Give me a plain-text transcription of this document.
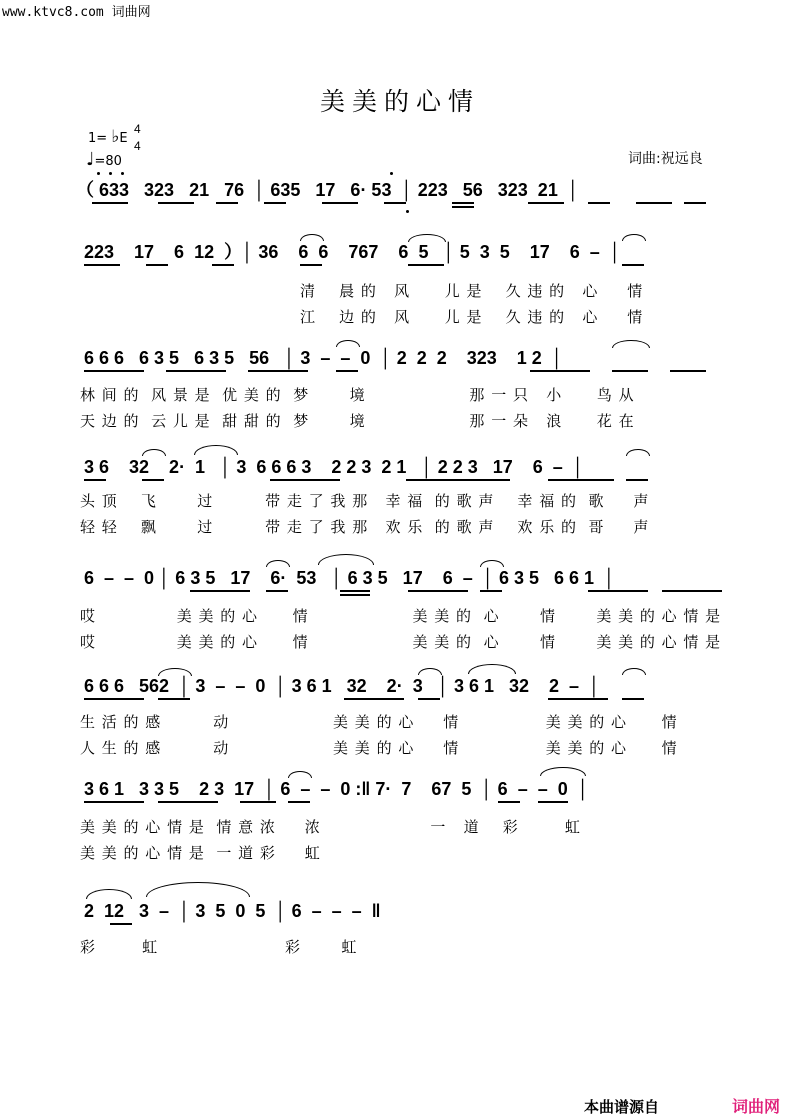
www.ktvc8.com 词曲网
美美的心情
1= ♭E
4
4
♩=80	词曲:祝远良
（ 633   323   21   76  │ 635   17   6· 53  │ 223   56   323  21  │
223    17    6  12  ）│ 36    6  6    767    6  5   │ 5  3  5    17    6  –  │
清    晨 的   风      儿 是    久 违 的   心     情
江    边 的   风      儿 是    久 违 的   心     情
6 6 6   6 3 5   6 3 5   56   │ 3  –  –  0  │ 2  2  2    323    1 2  │
林 间 的  风 景 是  优 美 的  梦       境                  那 一 只   小      鸟 从
天 边 的  云 儿 是  甜 甜 的  梦       境                  那 一 朵   浪      花 在
3 6    32    2·  1   │ 3  6 6 6 3    2 2 3  2 1   │ 2 2 3   17    6  –  │
头 顶    飞       过         带 走 了 我 那   幸 福  的 歌 声    幸 福 的  歌     声
轻 轻    飘       过         带 走 了 我 那   欢 乐  的 歌 声    欢 乐 的  哥     声
6  –  –  0 │ 6 3 5   17    6·  53   │ 6 3 5   17    6  –  │ 6 3 5   6 6 1  │
哎              美 美 的 心      情                  美 美 的  心       情       美 美 的 心 情 是
哎              美 美 的 心      情                  美 美 的  心       情       美 美 的 心 情 是
6 6 6   562  │ 3  –  –  0  │ 3 6 1   32    2·  3   │ 3 6 1   32    2  –  │
生 活 的 感         动                  美 美 的 心     情               美 美 的 心      情
人 生 的 感         动                  美 美 的 心     情               美 美 的 心      情
3 6 1   3 3 5    2 3  17  │ 6  –  –  0 :‖ 7·  7    67  5  │ 6  –  –  0  │
美 美 的 心 情 是  情 意 浓     浓                   一   道    彩        虹
美 美 的 心 情 是  一 道 彩     虹
2  12   3  –  │ 3  5  0  5  │ 6  –  –  –  ‖
彩        虹                      彩       虹
本曲谱源自	词曲网
